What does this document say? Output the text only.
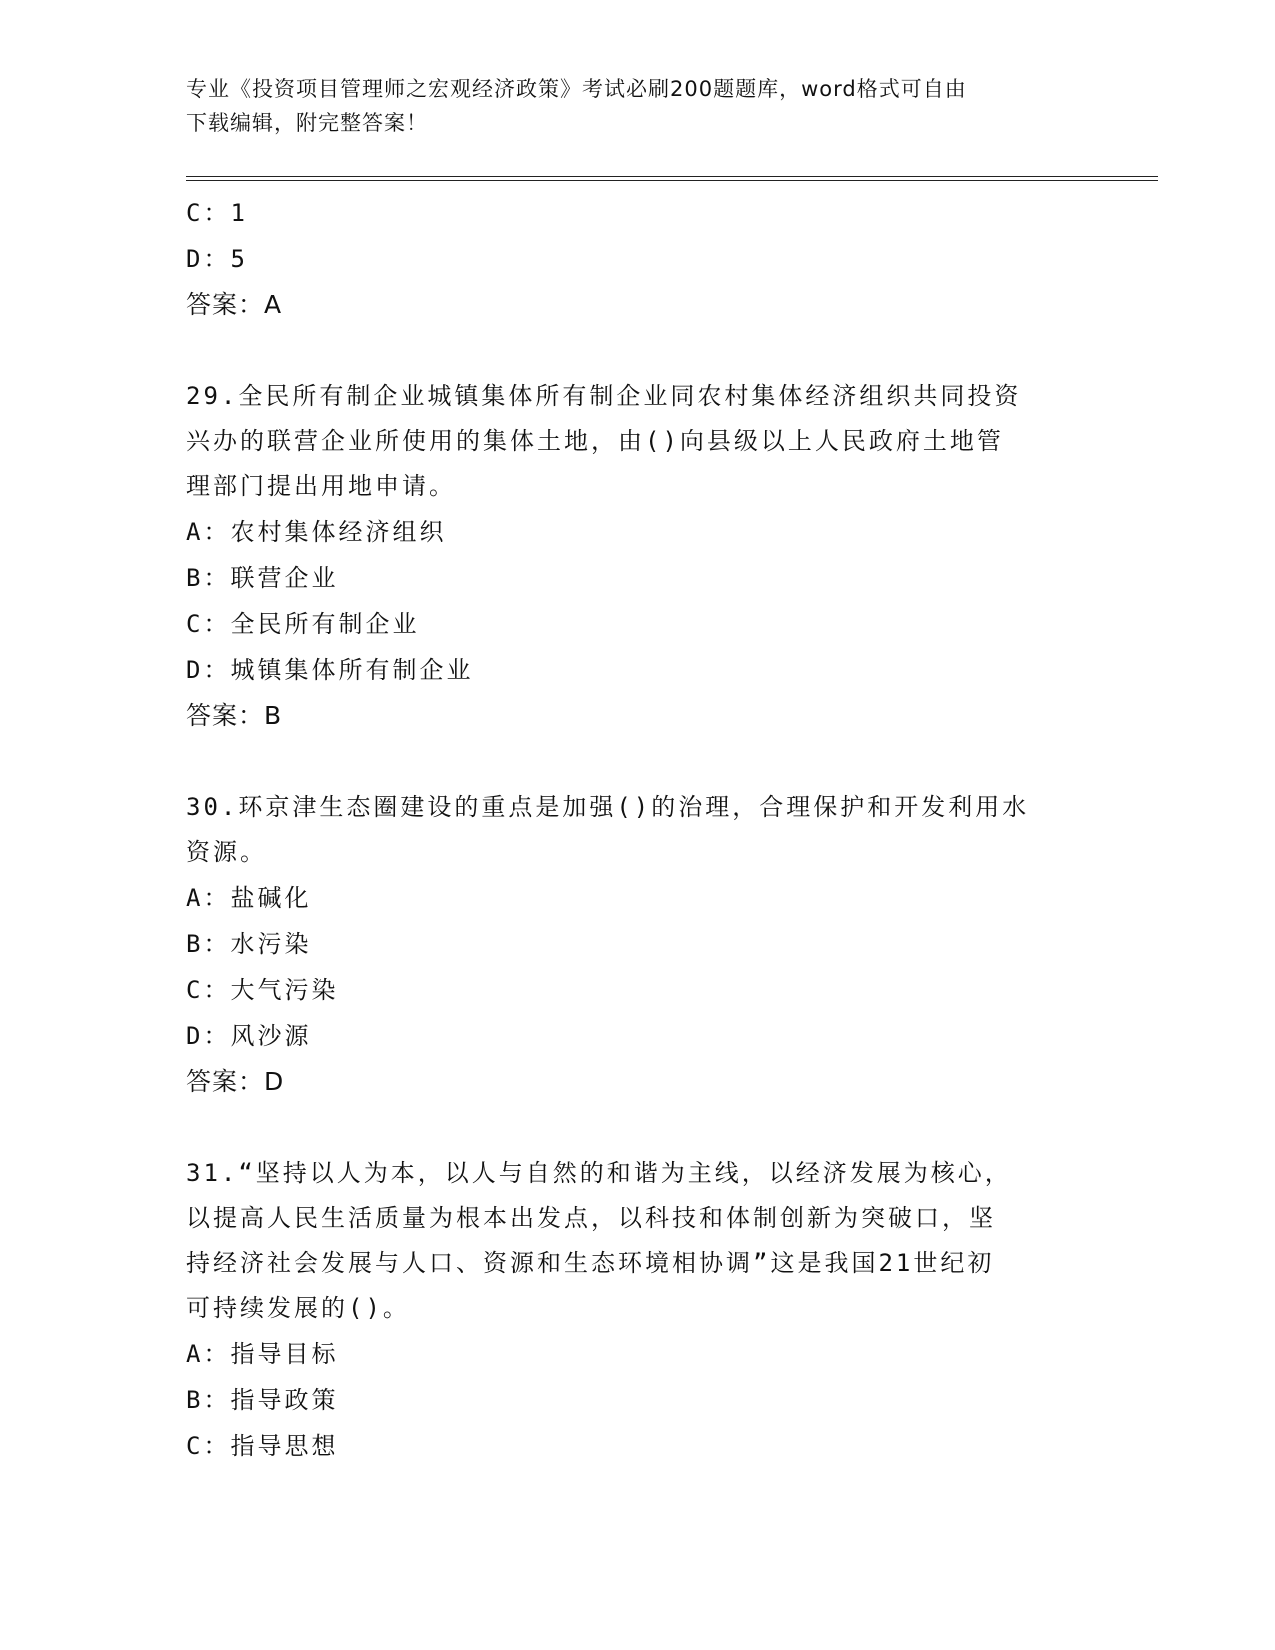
专业《投资项目管理师之宏观经济政策》考试必刷200题题库，word格式可自由
下载编辑，附完整答案！
C：1
D：5
答案：A
29.全民所有制企业城镇集体所有制企业同农村集体经济组织共同投资
兴办的联营企业所使用的集体土地，由()向县级以上人民政府土地管
理部门提出用地申请。
A：农村集体经济组织
B：联营企业
C：全民所有制企业
D：城镇集体所有制企业
答案：B
30.环京津生态圈建设的重点是加强()的治理，合理保护和开发利用水
资源。
A：盐碱化
B：水污染
C：大气污染
D：风沙源
答案：D
31.“坚持以人为本，以人与自然的和谐为主线，以经济发展为核心，
以提高人民生活质量为根本出发点，以科技和体制创新为突破口，坚
持经济社会发展与人口、资源和生态环境相协调”这是我国21世纪初
可持续发展的()。
A：指导目标
B：指导政策
C：指导思想
